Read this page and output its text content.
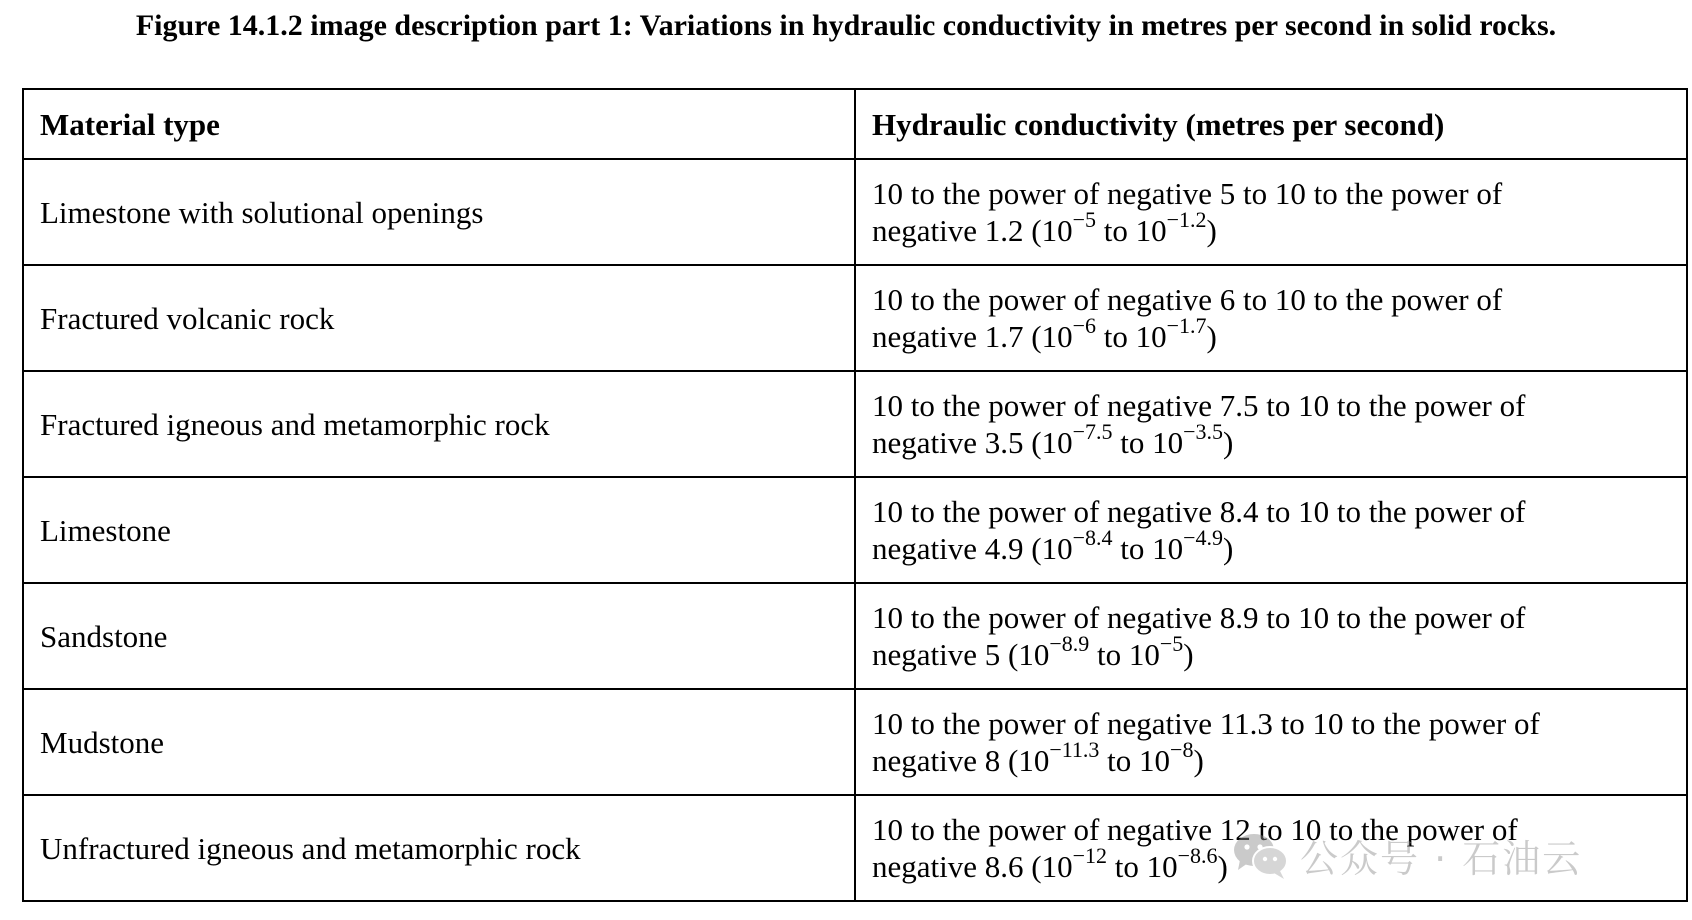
Figure 14.1.2 image description part 1: Variations in hydraulic conductivity in metres per second in solid rocks.
Material type	Hydraulic conductivity (metres per second)
Limestone with solutional openings	10 to the power of negative 5 to 10 to the power of
negative 1.2 ($10^{-5}$ to $10^{-1.2}$)

Fractured volcanic rock	10 to the power of negative 6 to 10 to the power of
negative 1.7 ($10^{-6}$ to $10^{-1.7}$)

Fractured igneous and metamorphic rock	10 to the power of negative 7.5 to 10 to the power of
negative 3.5 ($10^{-7.5}$ to $10^{-3.5}$)

Limestone	10 to the power of negative 8.4 to 10 to the power of
negative 4.9 ($10^{-8.4}$ to $10^{-4.9}$)

Sandstone	10 to the power of negative 8.9 to 10 to the power of
negative 5 ($10^{-8.9}$ to $10^{-5}$)

Mudstone	10 to the power of negative 11.3 to 10 to the power of
negative 8 ($10^{-11.3}$ to $10^{-8}$)

Unfractured igneous and metamorphic rock	10 to the power of negative 12 to 10 to the power of
negative 8.6 ($10^{-12}$ to $10^{-8.6}$)	公众号 · 石油云
